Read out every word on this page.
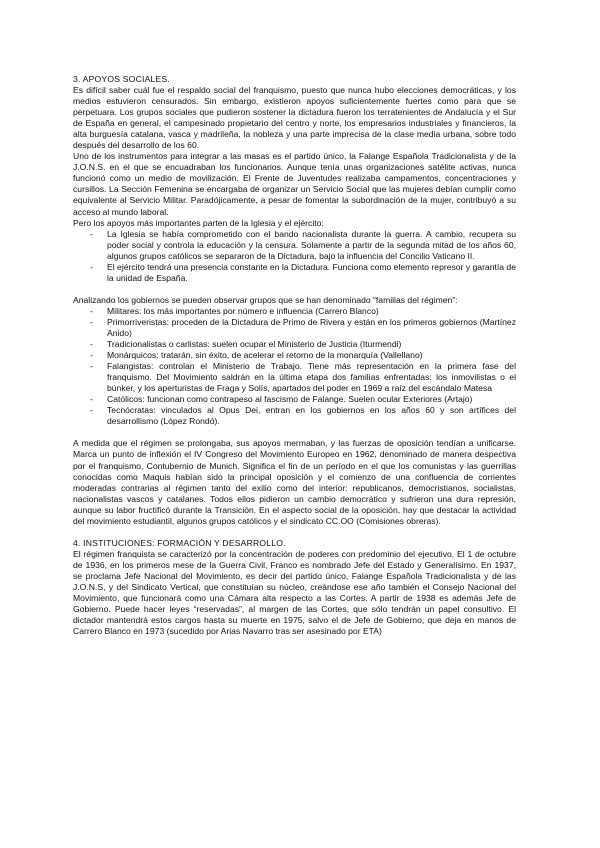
3. APOYOS SOCIALES.

Es difícil saber cuál fue el respaldo social del franquismo, puesto que nunca hubo elecciones democráticas, y los medios estuvieron censurados. Sin embargo, existieron apoyos suficientemente fuertes como para que se perpetuara. Los grupos sociales que pudieron sostener la dictadura fueron los terratenientes de Andalucía y el Sur de España en general, el campesinado propietario del centro y norte, los empresarios industriales y financieros, la alta burguesía catalana, vasca y madrileña, la nobleza y una parte imprecisa de la clase media urbana, sobre todo después del desarrollo de los 60.

Uno de los instrumentos para integrar a las masas es el partido único, la Falange Española Tradicionalista y de la J.O.N.S. en el que se encuadraban los funcionarios. Aunque tenía unas organizaciones satélite activas, nunca funcionó como un medio de movilización. El Frente de Juventudes realizaba campamentos, concentraciones y cursillos. La Sección Femenina se encargaba de organizar un Servicio Social que las mujeres debían cumplir como equivalente al Servicio Militar. Paradójicamente, a pesar de fomentar la subordinación de la mujer, contribuyó a su acceso al mundo laboral.

Pero los apoyos más importantes parten de la Iglesia y el ejército:

- La Iglesia se había comprometido con el bando nacionalista durante la guerra. A cambio, recupera su poder social y controla la educación y la censura. Solamente a partir de la segunda mitad de los años 60, algunos grupos católicos se separaron de la Dictadura, bajo la influencia del Concilio Vaticano II.
- El ejército tendrá una presencia constante en la Dictadura. Funciona como elemento represor y garantía de la unidad de España.

Analizando los gobiernos se pueden observar grupos que se han denominado “familias del régimen”:

- Militares: los más importantes por número e influencia (Carrero Blanco)
- Primorriveristas: proceden de la Dictadura de Primo de Rivera y están en los primeros gobiernos (Martínez Anido)
- Tradicionalistas o carlistas: suelen ocupar el Ministerio de Justicia (Iturmendi)
- Monárquicos: tratarán, sin éxito, de acelerar el retorno de la monarquía (Vallellano)
- Falangistas: controlan el Ministerio de Trabajo. Tiene más representación en la primera fase del franquismo. Del Movimiento saldrán en la última etapa dos familias enfrentadas: los inmovilistas o el búnker, y los aperturistas de Fraga y Solís, apartados del poder en 1969 a raíz del escándalo Matesa
- Católicos: funcionan como contrapeso al fascismo de Falange. Suelen ocular Exteriores (Artajo)
- Tecnócratas: vinculados al Opus Dei, entran en los gobiernos en los años 60 y son artífices del desarrollismo (López Rondó).

A medida que el régimen se prolongaba, sus apoyos mermaban, y las fuerzas de oposición tendían a unificarse. Marca un punto de inflexión el IV Congreso del Movimiento Europeo en 1962, denominado de manera despectiva por el franquismo, Contubernio de Munich. Significa el fin de un período en el que los comunistas y las guerrillas conocidas como Maquis habían sido la principal oposición y el comienzo de una confluencia de corrientes moderadas contrarias al régimen tanto del exilio como del interior: republicanos, democristianos, socialistas, nacionalistas vascos y catalanes. Todos ellos pidieron un cambio democrático y sufrieron una dura represión, aunque su labor fructificó durante la Transición. En el aspecto social de la oposición, hay que destacar la actividad del movimiento estudiantil, algunos grupos católicos y el sindicato CC.OO (Comisiones obreras).

4. INSTITUCIONES: FORMACIÓN Y DESARROLLO.

El régimen franquista se caracterizó por la concentración de poderes con predominio del ejecutivo. El 1 de octubre de 1936, en los primeros mese de la Guerra Civil, Franco es nombrado Jefe del Estado y Generalísimo. En 1937, se proclama Jefe Nacional del Movimiento, es decir del partido único, Falange Española Tradicionalista y de las J.O.N.S, y del Sindicato Vertical, que constituían su núcleo, creándose ese año también el Consejo Nacional del Movimiento, que funcionará como una Cámara alta respecto a las Cortes. A partir de 1938 es además Jefe de Gobierno. Puede hacer leyes “reservadas”, al margen de las Cortes, que sólo tendrán un papel consultivo. El dictador mantendrá estos cargos hasta su muerte en 1975, salvo el de Jefe de Gobierno, que deja en manos de Carrero Blanco en 1973 (sucedido por Arias Navarro tras ser asesinado por ETA)
